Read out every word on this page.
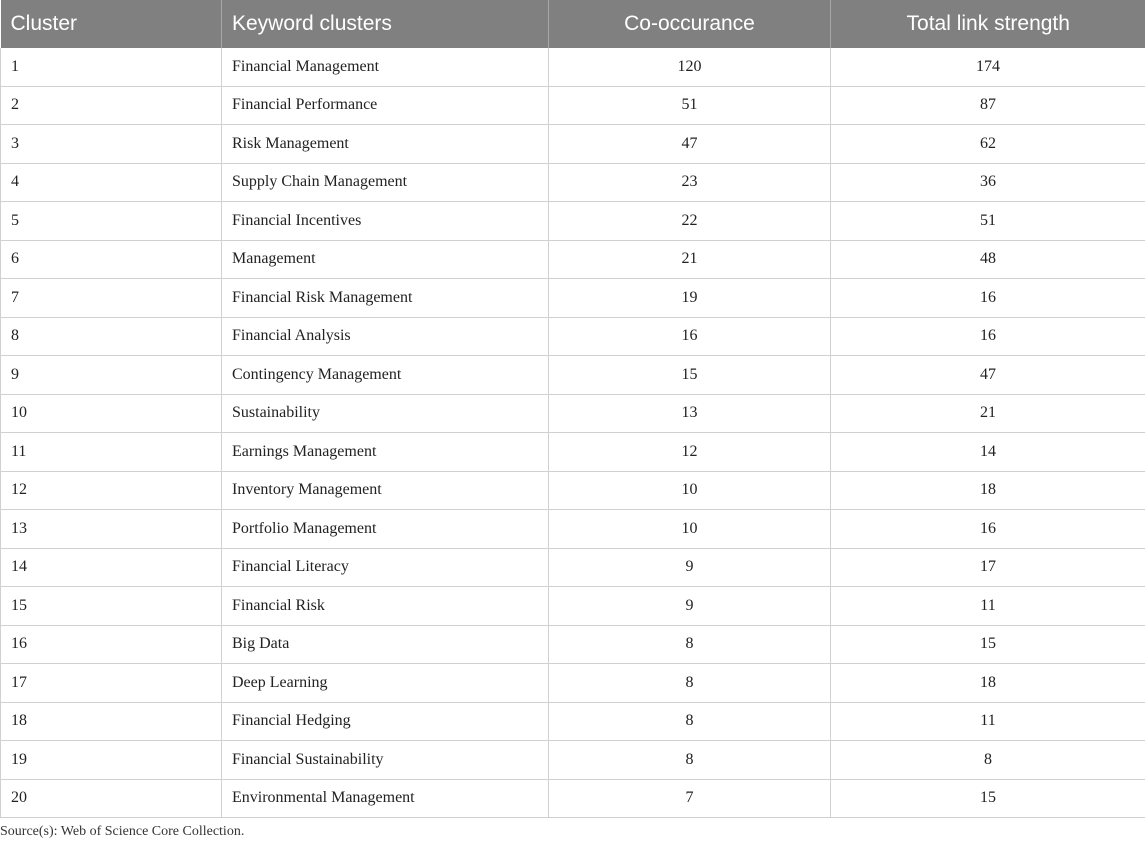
Cluster	Keyword clusters	Co-occurance	Total link strength
1	Financial Management	120	174
2	Financial Performance	51	87
3	Risk Management	47	62
4	Supply Chain Management	23	36
5	Financial Incentives	22	51
6	Management	21	48
7	Financial Risk Management	19	16
8	Financial Analysis	16	16
9	Contingency Management	15	47
10	Sustainability	13	21
11	Earnings Management	12	14
12	Inventory Management	10	18
13	Portfolio Management	10	16
14	Financial Literacy	9	17
15	Financial Risk	9	11
16	Big Data	8	15
17	Deep Learning	8	18
18	Financial Hedging	8	11
19	Financial Sustainability	8	8
20	Environmental Management	7	15
Source(s): Web of Science Core Collection.
